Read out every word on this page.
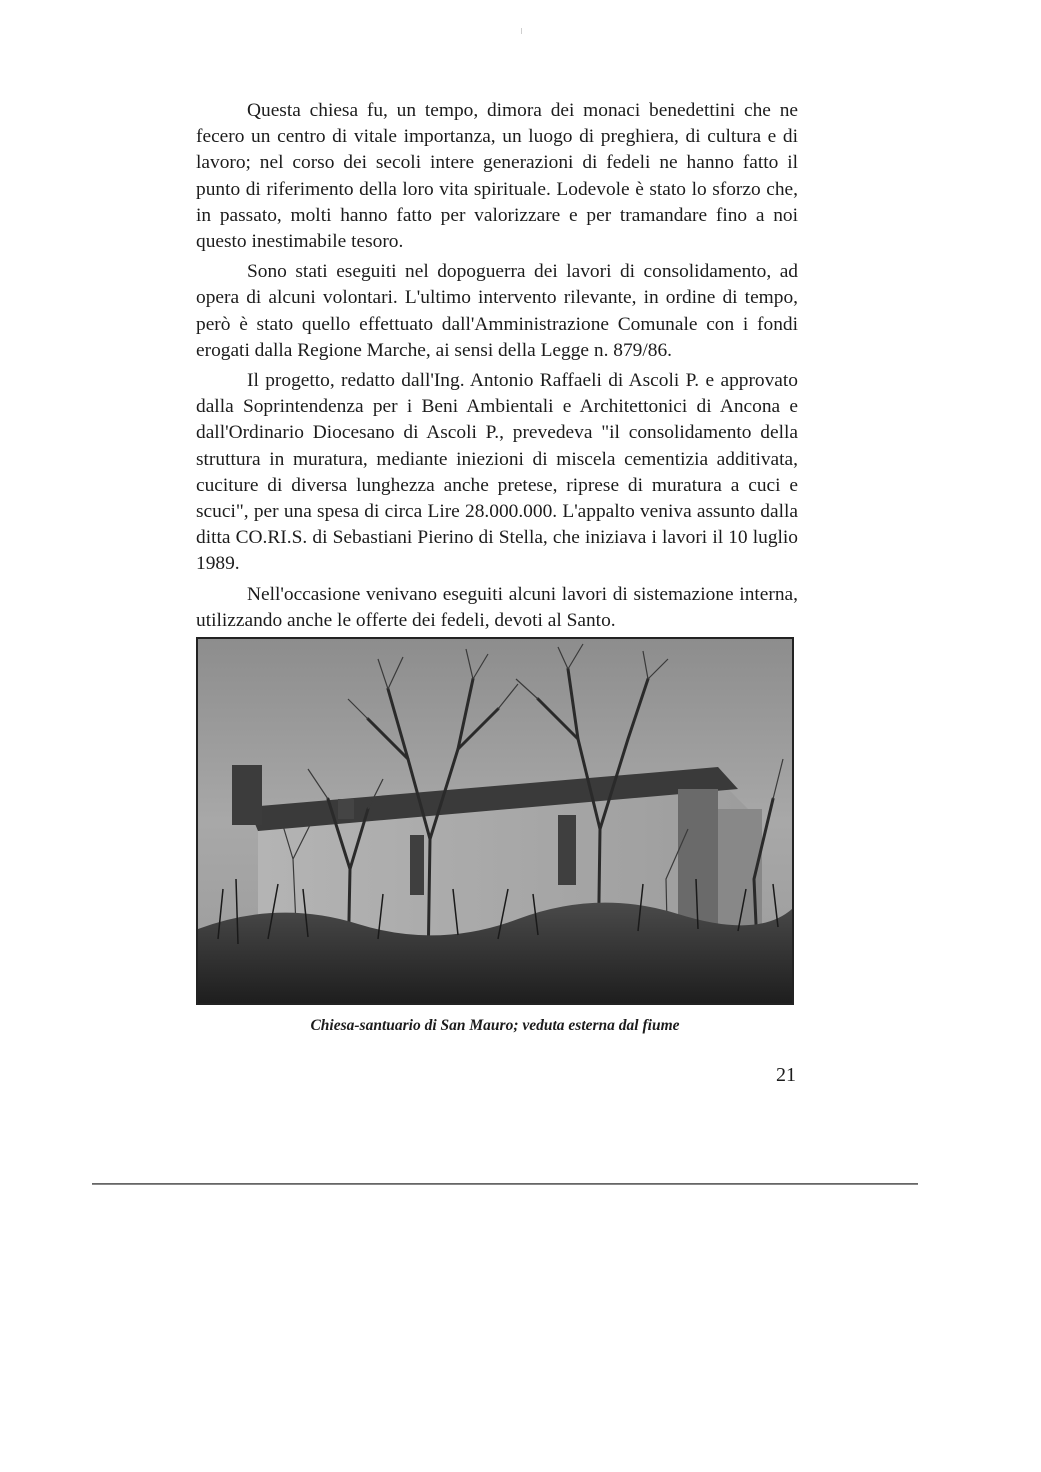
Questa chiesa fu, un tempo, dimora dei monaci benedettini che ne fecero un centro di vitale importanza, un luogo di preghiera, di cultura e di lavoro; nel corso dei secoli intere generazioni di fedeli ne hanno fatto il punto di riferimento della loro vita spirituale. Lodevole è stato lo sforzo che, in passato, molti hanno fatto per valorizzare e per tramandare fino a noi questo inestimabile tesoro.

Sono stati eseguiti nel dopoguerra dei lavori di consolidamento, ad opera di alcuni volontari. L'ultimo intervento rilevante, in ordine di tempo, però è stato quello effettuato dall'Amministrazione Comunale con i fondi erogati dalla Regione Marche, ai sensi della Legge n. 879/86.

Il progetto, redatto dall'Ing. Antonio Raffaeli di Ascoli P. e approvato dalla Soprintendenza per i Beni Ambientali e Architettonici di Ancona e dall'Ordinario Diocesano di Ascoli P., prevedeva "il consolidamento della struttura in muratura, mediante iniezioni di miscela cementizia additivata, cuciture di diversa lunghezza anche pretese, riprese di muratura a cuci e scuci", per una spesa di circa Lire 28.000.000. L'appalto veniva assunto dalla ditta CO.RI.S. di Sebastiani Pierino di Stella, che iniziava i lavori il 10 luglio 1989.

Nell'occasione venivano eseguiti alcuni lavori di sistemazione interna, utilizzando anche le offerte dei fedeli, devoti al Santo.

Chiesa-santuario di San Mauro; veduta esterna dal fiume
21
